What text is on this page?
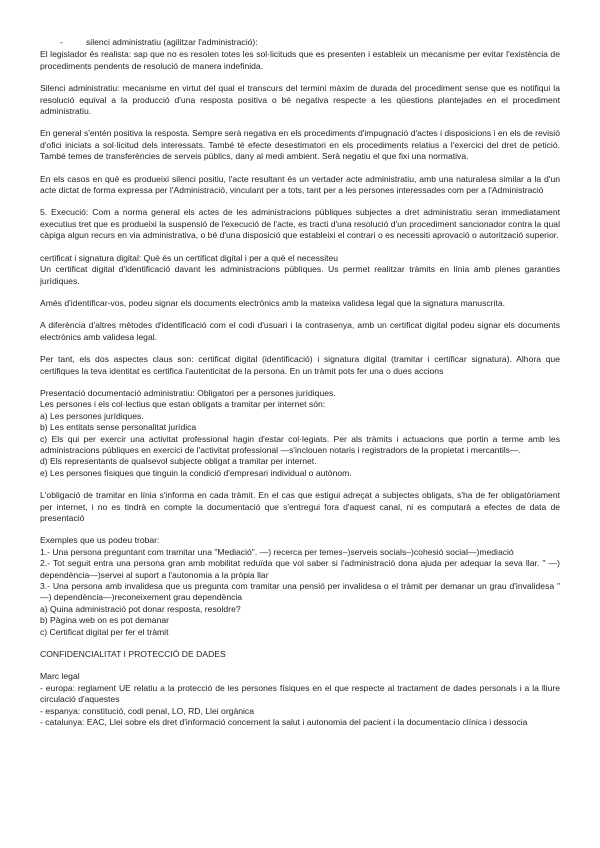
-	silenci administratiu (agilitzar l'administració):

El legislador és realista: sap que no es resolen totes les sol·licituds que es presenten i estableix un mecanisme per evitar l'existència de procediments pendents de resolució de manera indefinida.

Silenci administratiu: mecanisme en virtut del qual el transcurs del termini màxim de durada del procediment sense que es notifiqui la resolució equival a la producció d'una resposta positiva o bé negativa respecte a les qüestions plantejades en el procediment administratiu.

En general s'entén positiva la resposta. Sempre serà negativa en els procediments d'impugnació d'actes i disposicions i en els de revisió d'ofici iniciats a sol·licitud dels interessats. També té efecte desestimatori en els procediments relatius a l'exercici del dret de petició. També temes de transferències de serveis públics, dany al medi ambient. Serà negatiu el que fixi una normativa.

En els casos en què es produeixi silenci positiu, l'acte resultant és un vertader acte administratiu, amb una naturalesa similar a la d'un acte dictat de forma expressa per l'Administració, vinculant per a tots, tant per a les persones interessades com per a l'Administració

5. Execució: Com a norma general els actes de les administracions públiques subjectes a dret administratiu seran immediatament executius tret que es produeixi la suspensió de l'execució de l'acte, es tracti d'una resolució d'un procediment sancionador contra la qual càpiga algun recurs en via administrativa, o bé d'una disposició que estableixi el contrari o es necessiti aprovació o autorització superior.

certificat i signatura digital: Què és un certificat digital i per a què el necessiteu

Un certificat digital d'identificació davant les administracions públiques. Us permet realitzar tràmits en línia amb plenes garanties jurídiques.

Amés d'identificar-vos, podeu signar els documents electrònics amb la mateixa validesa legal que la signatura manuscrita.

A diferència d'altres mètodes d'identificació com el codi d'usuari i la contrasenya, amb un certificat digital podeu signar els documents electrònics amb validesa legal.

Per tant, els dos aspectes claus son: certificat digital (identificació) i signatura digital (tramitar i certificar signatura). Alhora que certifiques la teva identitat es certifica l'autenticitat de la persona. En un tràmit pots fer una o dues accions

Presentació documentació administratiu: Obligatori per a persones jurídiques.

Les persones i els col·lectius que estan obligats a tramitar per internet són:

a) Les persones jurídiques.

b) Les entitats sense personalitat jurídica

c) Els qui per exercir una activitat professional hagin d'estar col·legiats. Per als tràmits i actuacions que portin a terme amb les administracions públiques en exercici de l'activitat professional —s'inclouen notaris i registradors de la propietat i mercantils—.

d) Els representants de qualsevol subjecte obligat a tramitar per internet.

e) Les persones físiques que tinguin la condició d'empresari individual o autònom.

L'obligació de tramitar en línia s'informa en cada tràmit. En el cas que estigui adreçat a subjectes obligats, s'ha de fer obligatòriament per internet, i no es tindrà en compte la documentació que s'entregui fora d'aquest canal, ni es computarà a efectes de data de presentació

Exemples que us podeu trobar:

1.- Una persona preguntant com tramitar una "Mediació". —) recerca per temes–)serveis socials–)cohesió social—)mediació

2.- Tot seguit entra una persona gran amb mobilitat reduïda que vol saber si l'administració dona ajuda per adequar la seva llar. " —) dependència—)servei al suport a l'autonomia a la pròpia llar

3.- Una persona amb invalidesa que us pregunta com tramitar una pensió per invalidesa o el tràmit per demanar un grau d'invalidesa " —) dependència—)reconeixement grau dependència

a) Quina administració pot donar resposta, resoldre?

b) Pàgina web on es pot demanar

c) Certificat digital per fer el tràmit

CONFIDENCIALITAT I PROTECCIÓ DE DADES

Marc legal

- europa: reglament UE relatiu a la protecció de les persones físiques en el que respecte al tractament de dades personals i a la lliure circulació d'aquestes

- espanya: constitució, codi penal, LO, RD, Llei orgànica

- catalunya: EAC, Llei sobre els dret d'informació concernent la salut i autonomia del pacient i la documentacio clínica i dessocia
